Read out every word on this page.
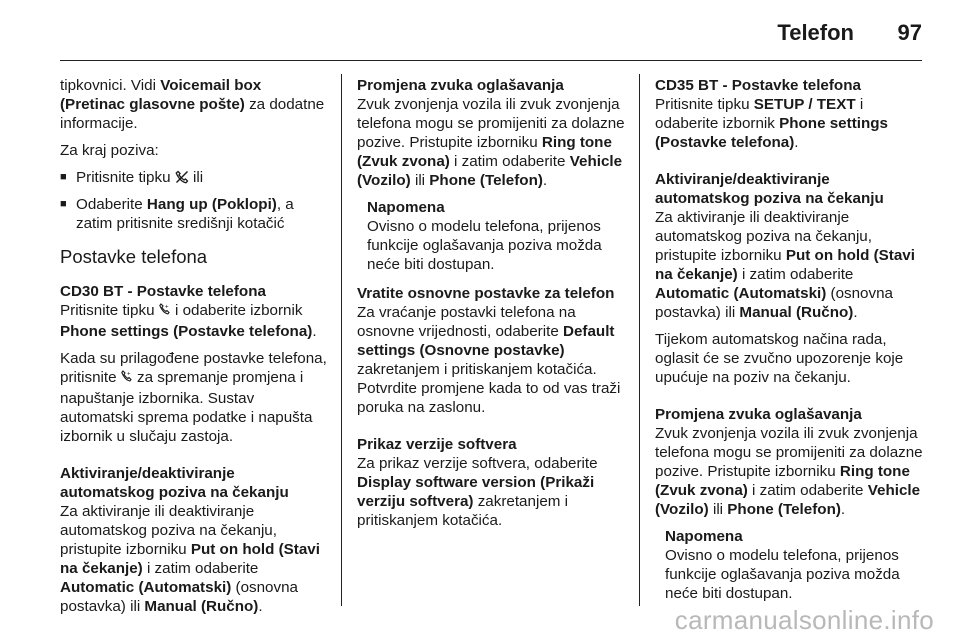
Telefon 97

tipkovnici. Vidi Voicemail box (Pretinac glasovne pošte) za dodatne informacije.

Za kraj poziva:

■ Pritisnite tipku  ili
■ Odaberite Hang up (Poklopi), a zatim pritisnite središnji kotačić
Postavke telefona
CD30 BT - Postavke telefona

Pritisnite tipku + i odaberite izbornik Phone settings (Postavke telefona).

Kada su prilagođene postavke telefona, pritisnite + za spremanje promjena i napuštanje izbornika. Sustav automatski sprema podatke i napušta izbornik u slučaju zastoja.

Aktiviranje/deaktiviranje automatskog poziva na čekanju

Za aktiviranje ili deaktiviranje automatskog poziva na čekanju, pristupite izborniku Put on hold (Stavi na čekanje) i zatim odaberite Automatic (Automatski) (osnovna postavka) ili Manual (Ručno).

Promjena zvuka oglašavanja

Zvuk zvonjenja vozila ili zvuk zvonjenja telefona mogu se promijeniti za dolazne pozive. Pristupite izborniku Ring tone (Zvuk zvona) i zatim odaberite Vehicle (Vozilo) ili Phone (Telefon).

Napomena
Ovisno o modelu telefona, prijenos funkcije oglašavanja poziva možda neće biti dostupan.
Vratite osnovne postavke za telefon

Za vraćanje postavki telefona na osnovne vrijednosti, odaberite Default settings (Osnovne postavke) zakretanjem i pritiskanjem kotačića. Potvrdite promjene kada to od vas traži poruka na zaslonu.

Prikaz verzije softvera

Za prikaz verzije softvera, odaberite Display software version (Prikaži verziju softvera) zakretanjem i pritiskanjem kotačića.

CD35 BT - Postavke telefona

Pritisnite tipku SETUP / TEXT i odaberite izbornik Phone settings (Postavke telefona).

Aktiviranje/deaktiviranje automatskog poziva na čekanju

Za aktiviranje ili deaktiviranje automatskog poziva na čekanju, pristupite izborniku Put on hold (Stavi na čekanje) i zatim odaberite Automatic (Automatski) (osnovna postavka) ili Manual (Ručno).

Tijekom automatskog načina rada, oglasit će se zvučno upozorenje koje upućuje na poziv na čekanju.

Promjena zvuka oglašavanja

Zvuk zvonjenja vozila ili zvuk zvonjenja telefona mogu se promijeniti za dolazne pozive. Pristupite izborniku Ring tone (Zvuk zvona) i zatim odaberite Vehicle (Vozilo) ili Phone (Telefon).

Napomena
Ovisno o modelu telefona, prijenos funkcije oglašavanja poziva možda neće biti dostupan.
carmanualsonline.info
